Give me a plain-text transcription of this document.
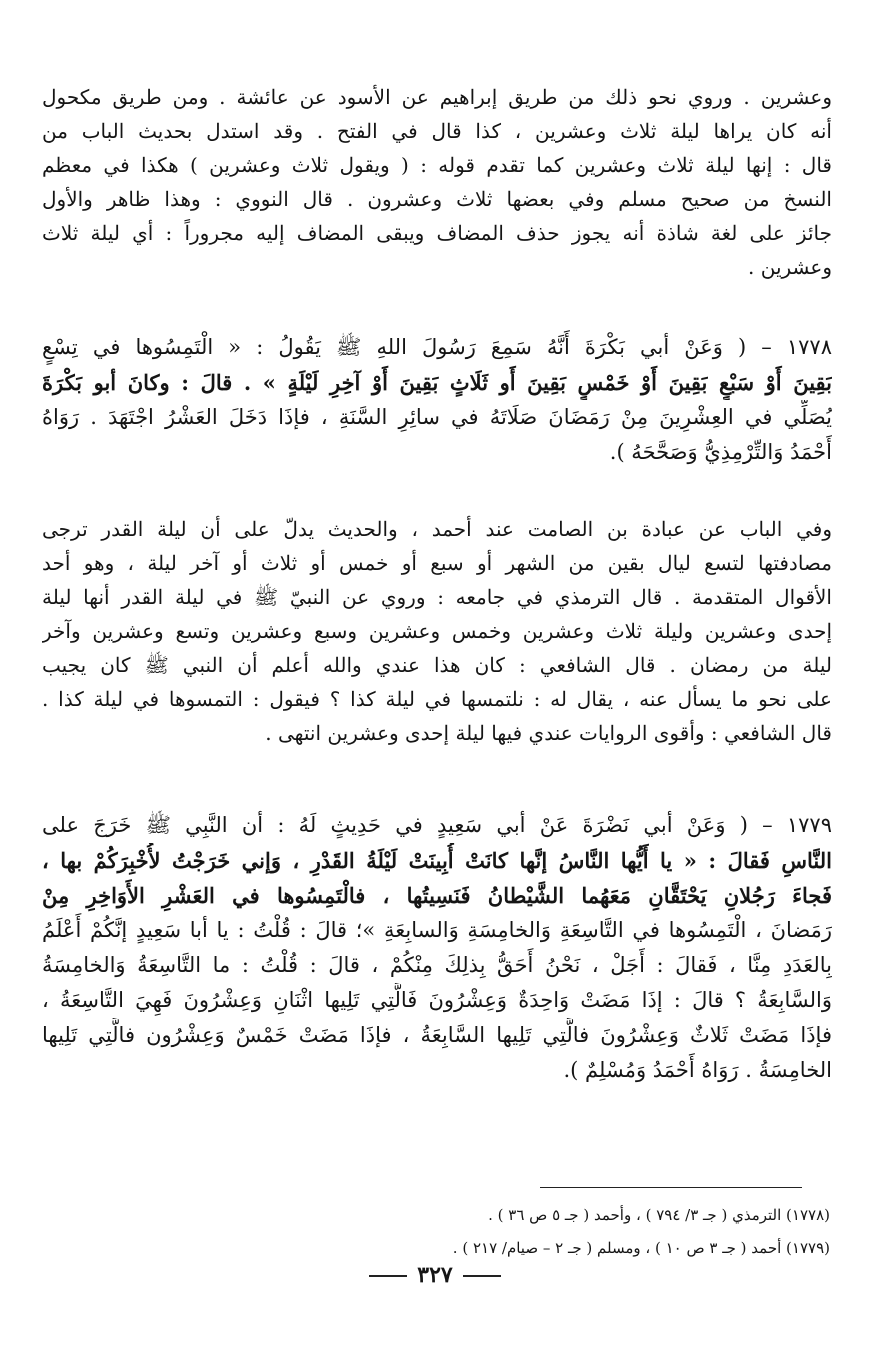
وعشرين . وروي نحو ذلك من طريق إبراهيم عن الأسود عن عائشة . ومن طريق مكحول
أنه كان يراها ليلة ثلاث وعشرين ، كذا قال في الفتح . وقد استدل بحديث الباب من
قال : إنها ليلة ثلاث وعشرين كما تقدم قوله : ( ويقول ثلاث وعشرين ) هكذا في معظم
النسخ من صحيح مسلم وفي بعضها ثلاث وعشرون . قال النووي : وهذا ظاهر والأول
جائز على لغة شاذة أنه يجوز حذف المضاف ويبقى المضاف إليه مجروراً : أي ليلة ثلاث
وعشرين .
١٧٧٨ – ( وَعَنْ أبي بَكْرَةَ أَنَّهُ سَمِعَ رَسُولَ اللهِ ﷺ يَقُولُ : « الْتَمِسُوها في تِسْعٍ
بَقِينَ أَوْ سَبْعٍ بَقِينَ أَوْ خَمْسٍ بَقِينَ أَو ثَلَاثٍ بَقِينَ أَوْ آخِرِ لَيْلَةٍ » . قالَ : وكانَ أبو بَكْرَةَ
يُصَلِّي في العِشْرِينَ مِنْ رَمَضَانَ صَلَاتَهُ في سائِرِ السَّنَةِ ، فإذَا دَخَلَ العَشْرُ اجْتَهَدَ . رَوَاهُ
أَحْمَدُ وَالتِّرْمِذِيُّ وَصَحَّحَهُ ).
وفي الباب عن عبادة بن الصامت عند أحمد ، والحديث يدلّ على أن ليلة القدر ترجى
مصادفتها لتسع ليال بقين من الشهر أو سبع أو خمس أو ثلاث أو آخر ليلة ، وهو أحد
الأقوال المتقدمة . قال الترمذي في جامعه : وروي عن النبيّ ﷺ في ليلة القدر أنها ليلة
إحدى وعشرين وليلة ثلاث وعشرين وخمس وعشرين وسبع وعشرين وتسع وعشرين وآخر
ليلة من رمضان . قال الشافعي : كان هذا عندي والله أعلم أن النبي ﷺ كان يجيب
على نحو ما يسأل عنه ، يقال له : نلتمسها في ليلة كذا ؟ فيقول : التمسوها في ليلة كذا .
قال الشافعي : وأقوى الروايات عندي فيها ليلة إحدى وعشرين انتهى .
١٧٧٩ – ( وَعَنْ أبي نَضْرَةَ عَنْ أبي سَعِيدٍ في حَدِيثٍ لَهُ : أن النَّبِي ﷺ خَرَجَ على
النَّاسِ فَقالَ : « يا أَيُّها النَّاسُ إنَّها كانَتْ أُبِينَتْ لَيْلَةُ القَدْرِ ، وَإني خَرَجْتُ لأُخْبِرَكُمْ بها ،
فَجاءَ رَجُلانِ يَحْتَقَّانِ مَعَهُما الشَّيْطانُ فَنَسِيتُها ، فالْتَمِسُوها في العَشْرِ الأَوَاخِرِ مِنْ
رَمَضانَ ، الْتَمِسُوها في التَّاسِعَةِ وَالخامِسَةِ وَالسابِعَةِ »؛ قالَ : قُلْتُ : يا أبا سَعِيدٍ إنَّكُمْ أَعْلَمُ
بِالعَدَدِ مِنَّا ، فَقالَ : أَجَلْ ، نَحْنُ أَحَقُّ بِذلِكَ مِنْكُمْ ، قالَ : قُلْتُ : ما التَّاسِعَةُ وَالخامِسَةُ
وَالسَّابِعَةُ ؟ قالَ : إذَا مَضَتْ وَاحِدَةٌ وَعِشْرُونَ فَالَّتِي تَلِيها اثْنَانِ وَعِشْرُونَ فَهِيَ التَّاسِعَةُ ،
فإذَا مَضَتْ ثَلاثٌ وَعِشْرُونَ فالَّتِي تَلِيها السَّابِعَةُ ، فإذَا مَضَتْ خَمْسٌ وَعِشْرُون فالَّتِي تَلِيها
الخامِسَةُ . رَوَاهُ أَحْمَدُ وَمُسْلِمٌ ).
(١٧٧٨) الترمذي ( جـ ٣/ ٧٩٤ ) ، وأحمد ( جـ ٥ ص ٣٦ ) .
(١٧٧٩) أحمد ( جـ ٣ ص ١٠ ) ، ومسلم ( جـ ٢ – صيام/ ٢١٧ ) .
٣٢٧
